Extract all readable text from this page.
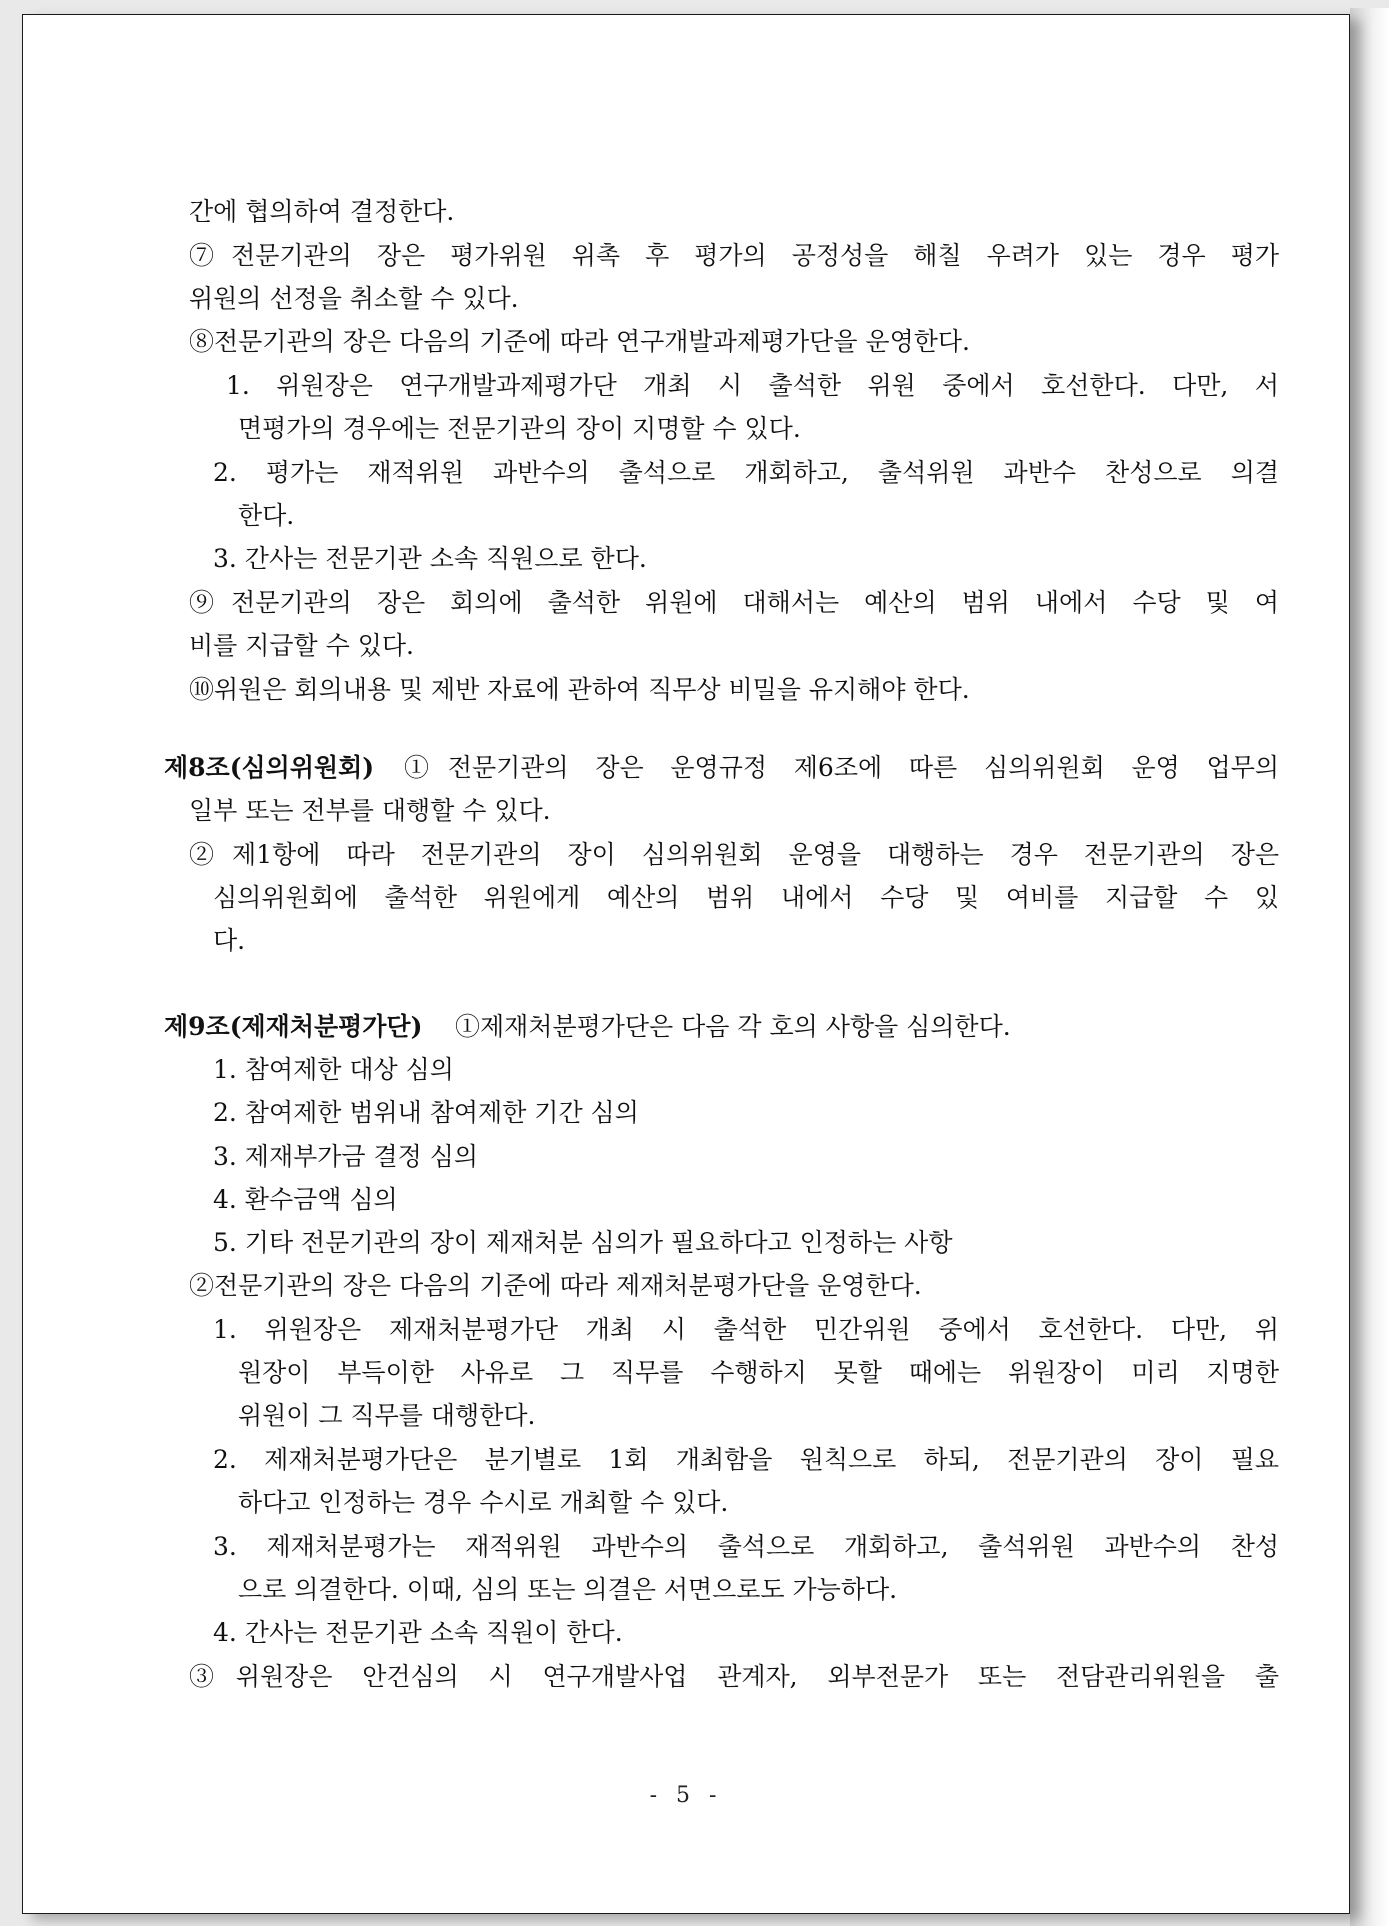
간에 협의하여 결정한다.
⑦전문기관의 장은 평가위원 위촉 후 평가의 공정성을 해칠 우려가 있는 경우 평가
위원의 선정을 취소할 수 있다.
⑧전문기관의 장은 다음의 기준에 따라 연구개발과제평가단을 운영한다.
1. 위원장은 연구개발과제평가단 개최 시 출석한 위원 중에서 호선한다. 다만, 서
면평가의 경우에는 전문기관의 장이 지명할 수 있다.
2. 평가는 재적위원 과반수의 출석으로 개회하고, 출석위원 과반수 찬성으로 의결
한다.
3. 간사는 전문기관 소속 직원으로 한다.
⑨전문기관의 장은 회의에 출석한 위원에 대해서는 예산의 범위 내에서 수당 및 여
비를 지급할 수 있다.
⑩위원은 회의내용 및 제반 자료에 관하여 직무상 비밀을 유지해야 한다.
제8조(심의위원회) ①전문기관의 장은 운영규정 제6조에 따른 심의위원회 운영 업무의
일부 또는 전부를 대행할 수 있다.
②제1항에 따라 전문기관의 장이 심의위원회 운영을 대행하는 경우 전문기관의 장은
심의위원회에 출석한 위원에게 예산의 범위 내에서 수당 및 여비를 지급할 수 있
다.
제9조(제재처분평가단) ①제재처분평가단은 다음 각 호의 사항을 심의한다.
1. 참여제한 대상 심의
2. 참여제한 범위내 참여제한 기간 심의
3. 제재부가금 결정 심의
4. 환수금액 심의
5. 기타 전문기관의 장이 제재처분 심의가 필요하다고 인정하는 사항
②전문기관의 장은 다음의 기준에 따라 제재처분평가단을 운영한다.
1. 위원장은 제재처분평가단 개최 시 출석한 민간위원 중에서 호선한다. 다만, 위
원장이 부득이한 사유로 그 직무를 수행하지 못할 때에는 위원장이 미리 지명한
위원이 그 직무를 대행한다.
2. 제재처분평가단은 분기별로 1회 개최함을 원칙으로 하되, 전문기관의 장이 필요
하다고 인정하는 경우 수시로 개최할 수 있다.
3. 제재처분평가는 재적위원 과반수의 출석으로 개회하고, 출석위원 과반수의 찬성
으로 의결한다. 이때, 심의 또는 의결은 서면으로도 가능하다.
4. 간사는 전문기관 소속 직원이 한다.
③위원장은 안건심의 시 연구개발사업 관계자, 외부전문가 또는 전담관리위원을 출
- 5 -
